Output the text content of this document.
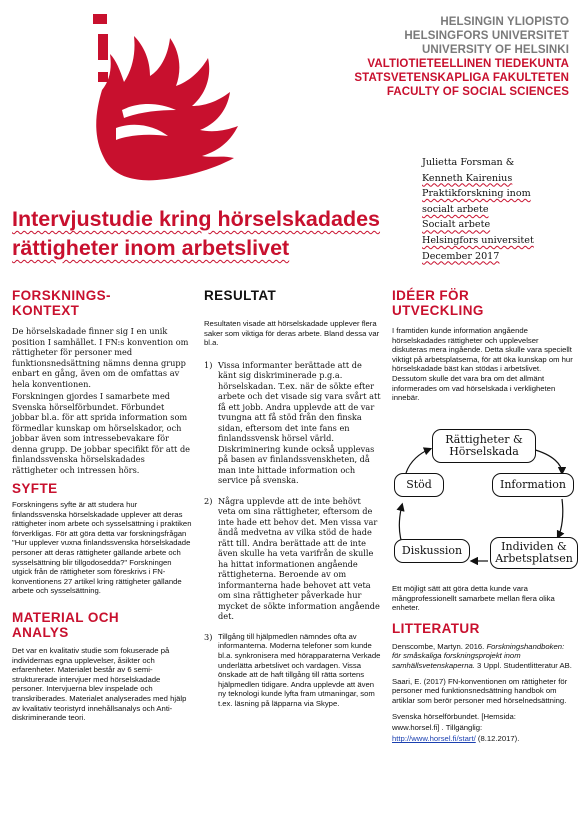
HELSINGIN YLIOPISTO
HELSINGFORS UNIVERSITET
UNIVERSITY OF HELSINKI
VALTIOTIETEELLINEN TIEDEKUNTA
STATSVETENSKAPLIGA FAKULTETEN
FACULTY OF SOCIAL SCIENCES
Julietta Forsman &
Kenneth Kairenius
Praktikforskning inom
socialt arbete
Socialt arbete
Helsingfors universitet
December 2017
Intervjustudie kring hörselskadades
rättigheter inom arbetslivet
FORSKNINGS-
KONTEXT

De hörselskadade finner sig I en unik position I samhället. I FN:s konvention om rättigheter för personer med funktionsnedsättning nämns denna grupp enbart en gång, även om de omfattas av hela konventionen.

Forskningen gjordes I samarbete med Svenska hörselförbundet. Förbundet jobbar bl.a. för att sprida information som förmedlar kunskap om hörselskador, och jobbar även som intressebevakare för denna grupp. De jobbar specifikt för att de finlandssvenska hörselskadades rättigheter och intressen hörs.

SYFTE

Forskningens syfte är att studera hur finlandssvenska hörselskadade upplever att deras rättigheter inom arbete och sysselsättning i praktiken förverkligas. För att göra detta var forskningsfrågan "Hur upplever vuxna finlandssvenska hörselskadade personer att deras rättigheter gällande arbete och sysselsättning blir tillgodosedda?" Forskningen utgick från de rättigheter som föreskrivs i FN-konventionens 27 artikel kring rättigheter gällande arbete och sysselsättning.

MATERIAL OCH
ANALYS

Det var en kvalitativ studie som fokuserade på individernas egna upplevelser, åsikter och erfarenheter. Materialet består av 6 semi-strukturerade intervjuer med hörselskadade personer. Intervjuerna blev inspelade och transkriberades. Materialet analyserades med hjälp av kvalitativ teoristyrd innehållsanalys och Anti-diskriminerande teori.

RESULTAT

Resultaten visade att hörselskadade upplever flera saker som viktiga för deras arbete. Bland dessa var bl.a.

1) Vissa informanter berättade att de känt sig diskriminerade p.g.a. hörselskadan. T.ex. när de sökte efter arbete och det visade sig vara svårt att få ett jobb. Andra upplevde att de var tvungna att få stöd från den finska sidan, eftersom det inte fans en finlandssvensk hörsel värld. Diskriminering kunde också upplevas på basen av finlandssvenskheten, då man inte hittade information och service på svenska.
2) Några upplevde att de inte behövt veta om sina rättigheter, eftersom de inte hade ett behov det. Men vissa var ändå medvetna av vilka stöd de hade rätt till. Andra berättade att de inte även skulle ha veta varifrån de skulle ha hittat informationen angående rättigheterna. Beroende av om informanterna hade behovet att veta om sina rättigheter påverkade hur mycket de sökte information angående det.
3) Tillgång till hjälpmedlen nämndes ofta av informanterna. Moderna telefoner som kunde bl.a. synkronisera med hörapparaterna Verkade underlätta arbetslivet och vardagen. Vissa önskade att de haft tillgång till rätta sortens hjälpmedlen tidigare. Andra upplevde att även ny teknologi kunde lyfta fram utmaningar, som t.ex. läsning på läpparna via Skype.
IDÉER FÖR
UTVECKLING

I framtiden kunde information angående hörselskadades rättigheter och upplevelser diskuteras mera ingående. Detta skulle vara speciellt viktigt på arbetsplatserna, för att öka kunskap om hur hörselskadade bäst kan stödas i arbetslivet. Dessutom skulle det vara bra om det allmänt informerades om vad hörselskada i verkligheten innebär.

Rättigheter &
Hörselskada
Stöd	Information
Diskussion	Individen &
Arbetsplatsen

Ett möjligt sätt att göra detta kunde vara mångprofessionellt samarbete mellan flera olika enheter.

LITTERATUR
Denscombe, Martyn. 2016. Forskningshandboken: för småskaliga forskningsprojekt inom samhällsvetenskaperna. 3 Uppl. Studentlitteratur AB.

Saari, E. (2017) FN-konventionen om rättigheter för personer med funktionsnedsättning handbok om artiklar som berör personer med hörselnedsättning.

Svenska hörselförbundet. [Hemsida:
www.horsel.fi] . Tillgänglig:
http://www.horsel.fi/start/ (8.12.2017).
